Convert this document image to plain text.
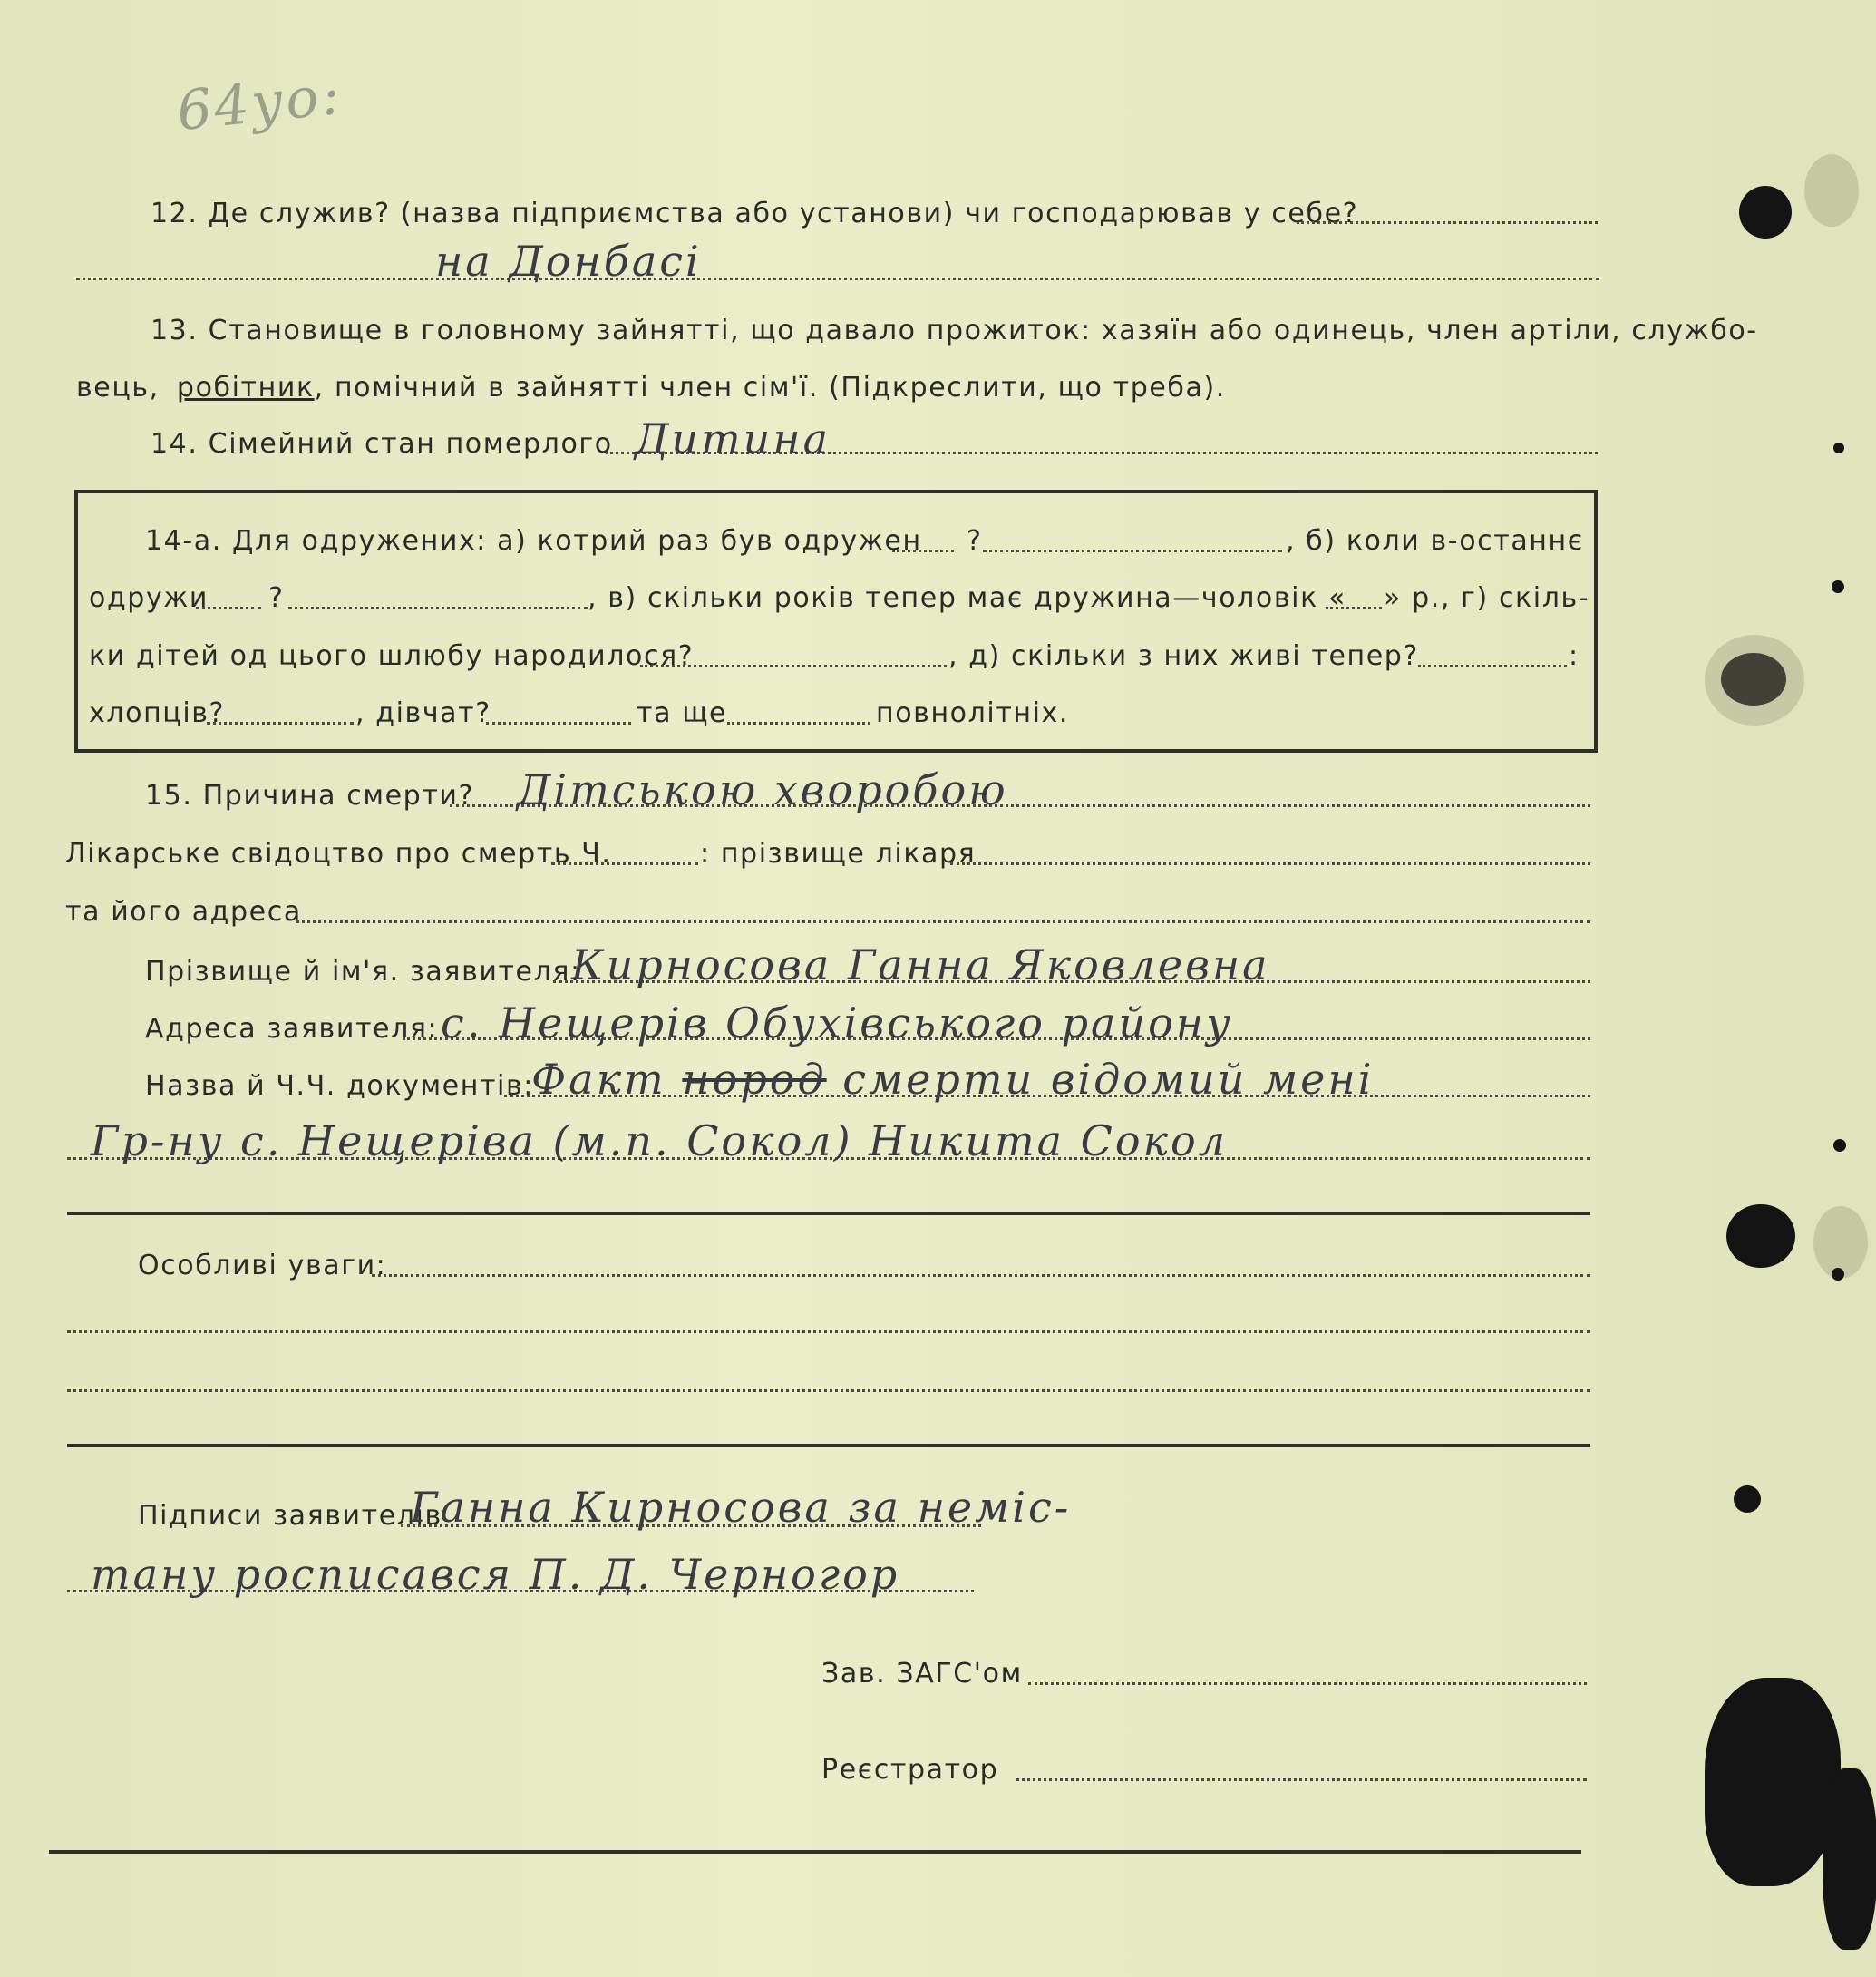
64уо:
12. Де служив? (назва підприємства або установи) чи господарював у себе?
на Донбасі
13. Становище в головному зайнятті, що давало прожиток: хазяїн або одинець, член артіли, службо-
вець, робітник, помічний в зайнятті член сім'ї. (Підкреслити, що треба).
14. Сімейний стан померлого Дитина
14-а. Для одружених: а) котрий раз був одружен ?	, б) коли в-останнє
одружи ?	, в) скільки років тепер має дружина—чоловік « » р., г) скіль-
ки дітей од цього шлюбу народилося?	, д) скільки з них живі тепер?	:
хлопців?	, дівчат?	та ще	повнолітніх.
15. Причина смерти? Дітською хворобою
Лікарське свідоцтво про смерть Ч.	: прізвище лікаря
та його адреса
Прізвище й ім'я. заявителя:
Кирносова Ганна Яковлевна
Адреса заявителя: с. Нещерів Обухівського району
Назва й Ч.Ч. документів:
Факт нород смерти відомий мені
Гр-ну с. Нещеріва (м.п. Сокол) Никита Сокол
Особливі уваги:
Підписи заявителів
Ганна Кирносова за неміс-
тану росписався П. Д. Черногор
Зав. ЗАГС'ом
Реєстратор
